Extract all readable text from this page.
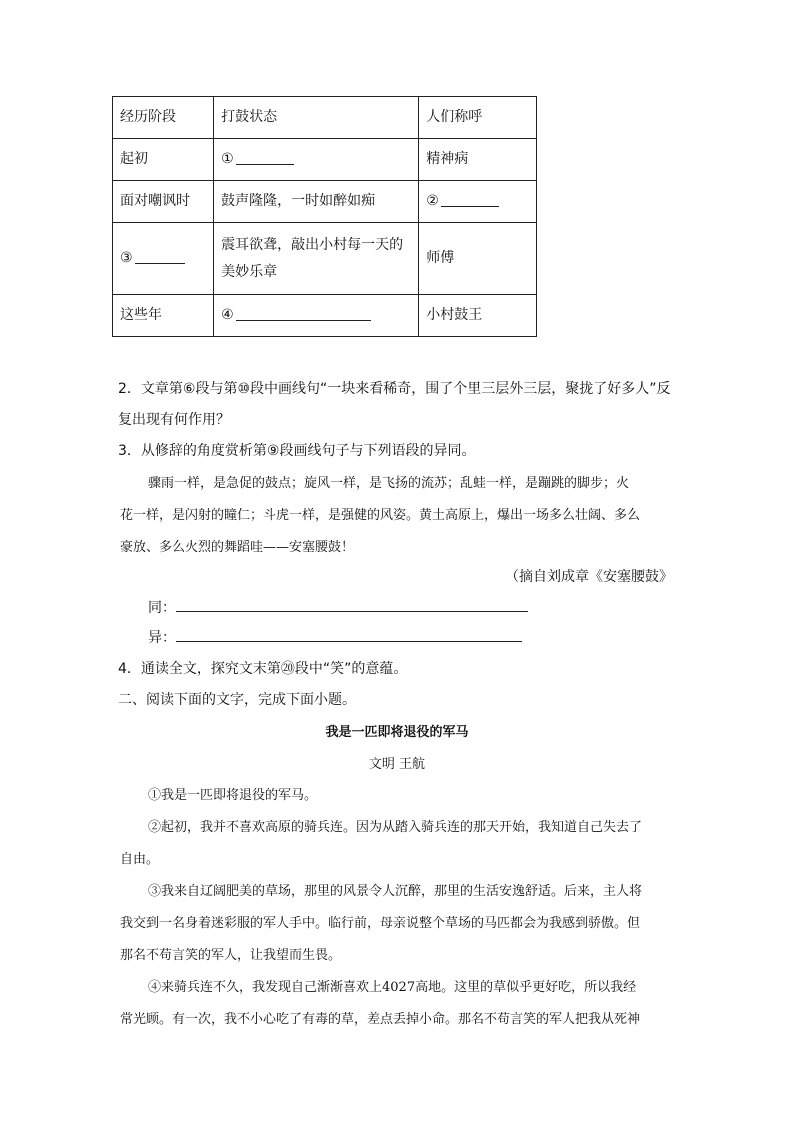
经历阶段	打鼓状态	人们称呼
起初	①	精神病
面对嘲讽时	鼓声隆隆，一时如醉如痴	②
③	震耳欲聋，敲出小村每一天的美妙乐章	师傅
这些年	④	小村鼓王
2．文章第⑥段与第⑩段中画线句“一块来看稀奇，围了个里三层外三层，聚拢了好多人”反
复出现有何作用？
3．从修辞的角度赏析第⑨段画线句子与下列语段的异同。
骤雨一样，是急促的鼓点；旋风一样，是飞扬的流苏；乱蛙一样，是蹦跳的脚步；火
花一样，是闪射的瞳仁；斗虎一样，是强健的风姿。黄土高原上，爆出一场多么壮阔、多么
豪放、多么火烈的舞蹈哇——安塞腰鼓！
（摘自刘成章《安塞腰鼓》
同：
异：
4．通读全文，探究文末第⑳段中“笑”的意蕴。
二、阅读下面的文字，完成下面小题。
我是一匹即将退役的军马
文明 王航
①我是一匹即将退役的军马。
②起初，我并不喜欢高原的骑兵连。因为从踏入骑兵连的那天开始，我知道自己失去了
自由。
③我来自辽阔肥美的草场，那里的风景令人沉醉，那里的生活安逸舒适。后来，主人将
我交到一名身着迷彩服的军人手中。临行前，母亲说整个草场的马匹都会为我感到骄傲。但
那名不苟言笑的军人，让我望而生畏。
④来骑兵连不久，我发现自己渐渐喜欢上4027高地。这里的草似乎更好吃，所以我经
常光顾。有一次，我不小心吃了有毒的草，差点丢掉小命。那名不苟言笑的军人把我从死神
